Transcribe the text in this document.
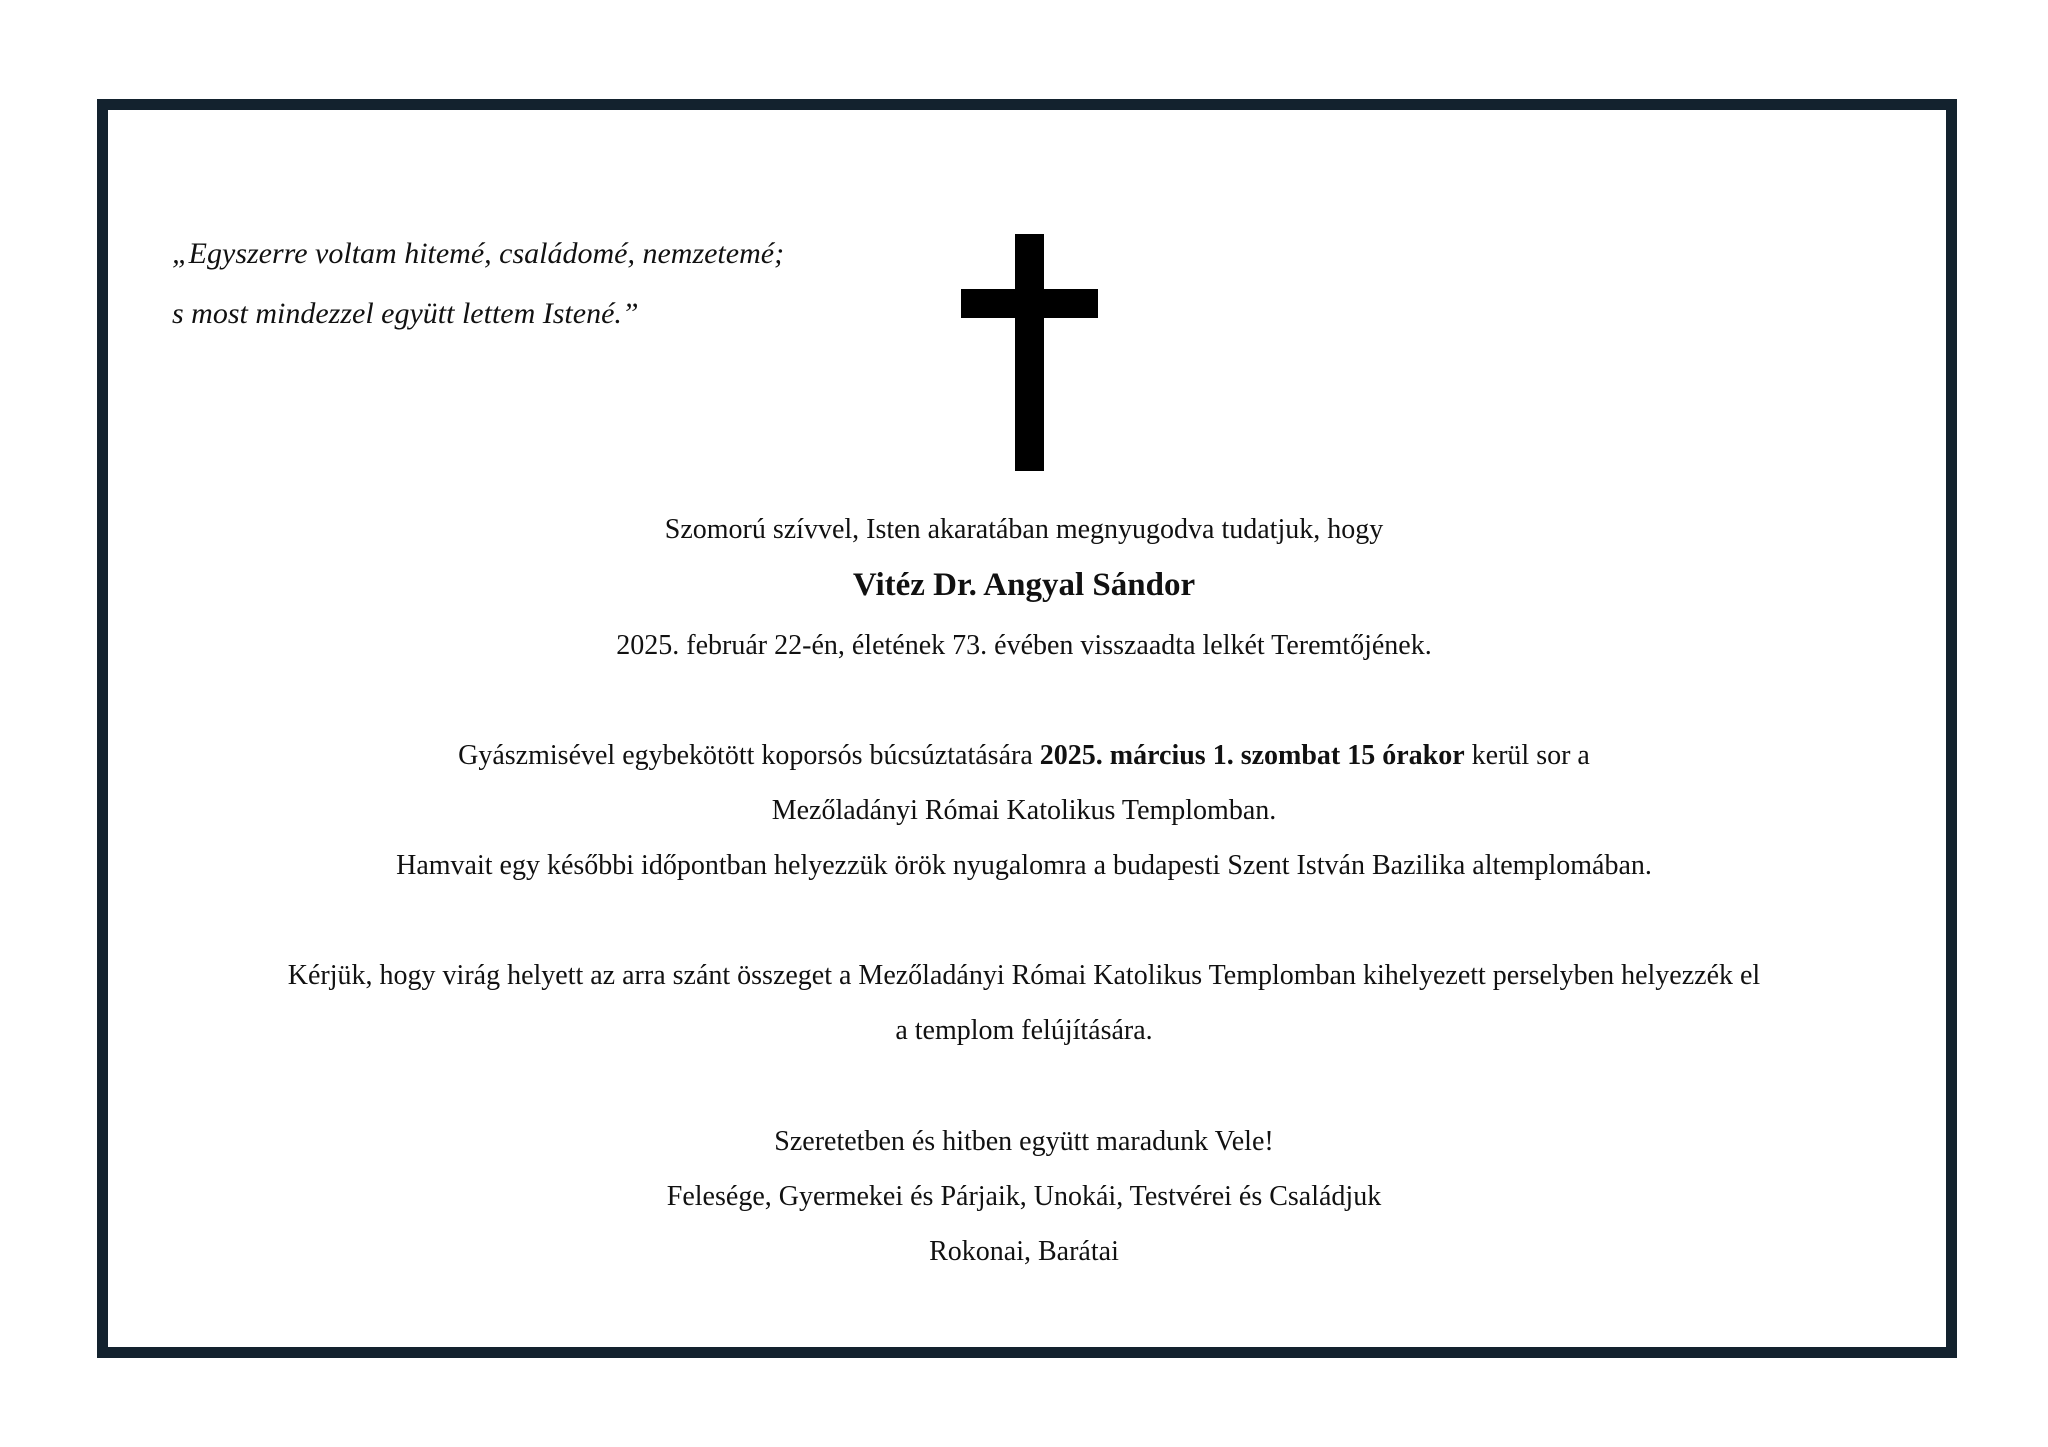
„Egyszerre voltam hitemé, családomé, nemzetemé;
s most mindezzel együtt lettem Istené.”
Szomorú szívvel, Isten akaratában megnyugodva tudatjuk, hogy
Vitéz Dr. Angyal Sándor
2025. február 22-én, életének 73. évében visszaadta lelkét Teremtőjének.
Gyászmisével egybekötött koporsós búcsúztatására 2025. március 1. szombat 15 órakor kerül sor a
Mezőladányi Római Katolikus Templomban.
Hamvait egy későbbi időpontban helyezzük örök nyugalomra a budapesti Szent István Bazilika altemplomában.
Kérjük, hogy virág helyett az arra szánt összeget a Mezőladányi Római Katolikus Templomban kihelyezett perselyben helyezzék el
a templom felújítására.
Szeretetben és hitben együtt maradunk Vele!
Felesége, Gyermekei és Párjaik, Unokái, Testvérei és Családjuk
Rokonai, Barátai
